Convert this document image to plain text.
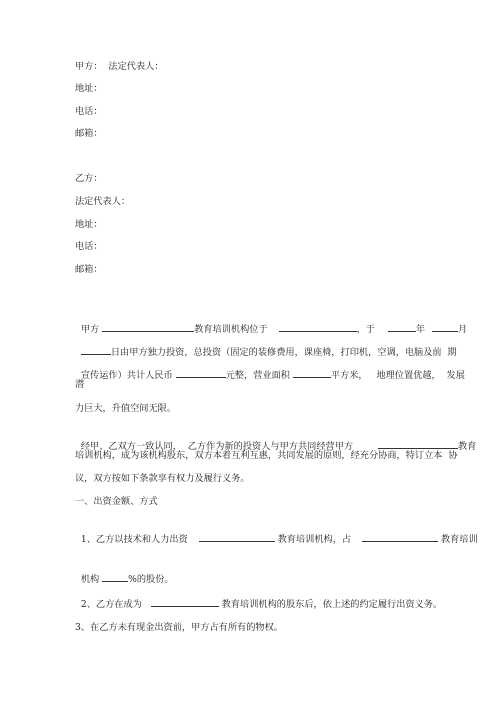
甲方：  法定代表人：
地址：
电话：
邮箱：
乙方：
法定代表人：
地址：
电话：
邮箱：

甲方	教育培训机构位于	，于	年	月

日由甲方独力投资，总投资（固定的装修费用，课座椅，打印机，空调，电脑及前  期

宣传运作）共计人民币	元整，营业面积	平方米，   地理位置优越，  发展

潜
力巨大，升值空间无限。

经甲、乙双方一致认同，  乙方作为新的投资人与甲方共同经营甲方	教育

培训机构，成为该机构股东，双方本着互利互惠，共同发展的原则，经充分协商，特订立本  协
议，双方按如下条款享有权力及履行义务。
一、出资金额、方式

1、乙方以技术和人力出资	教育培训机构，占	教育培训

机构	%的股份。

2、乙方在成为	教育培训机构的股东后，依上述的约定履行出资义务。

3、在乙方未有现金出资前，甲方占有所有的物权。
